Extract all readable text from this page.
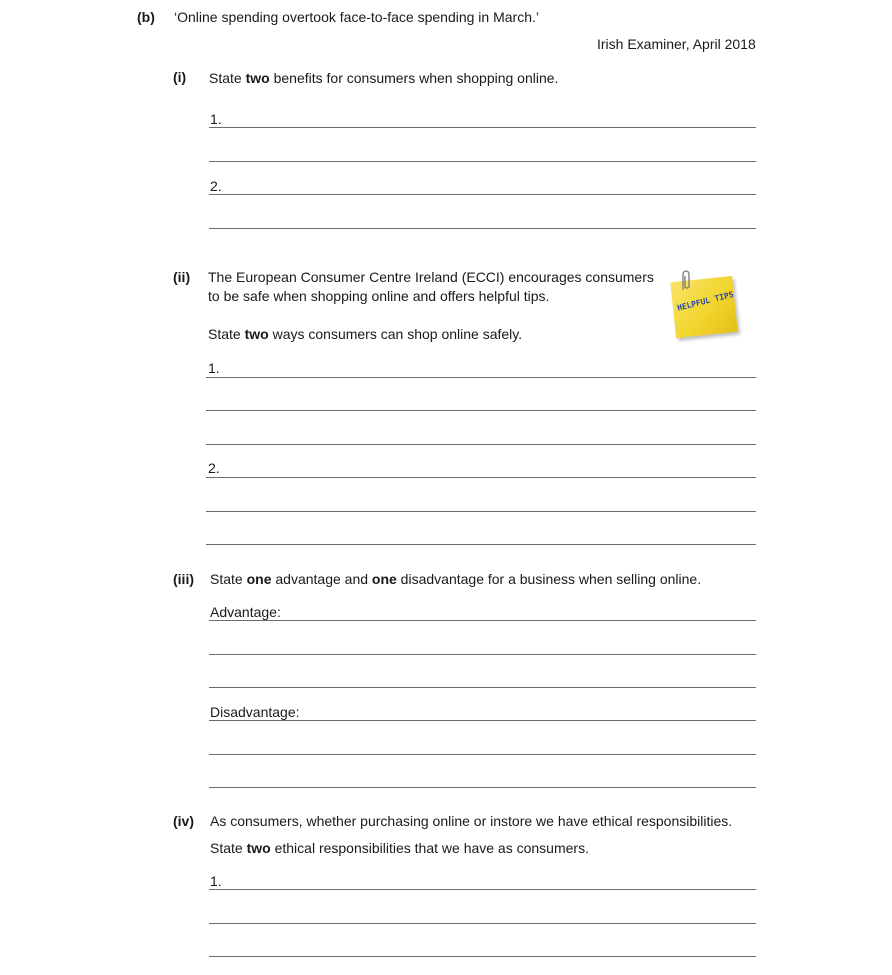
(b) ‘Online spending overtook face-to-face spending in March.’
Irish Examiner, April 2018
(i) State two benefits for consumers when shopping online.
1.
2.
(ii) The European Consumer Centre Ireland (ECCI) encourages consumers
to be safe when shopping online and offers helpful tips.
State two ways consumers can shop online safely.
HELPFUL TIPS
1.
2.
(iii) State one advantage and one disadvantage for a business when selling online.
Advantage:
Disadvantage:
(iv) As consumers, whether purchasing online or instore we have ethical responsibilities.
State two ethical responsibilities that we have as consumers.
1.
